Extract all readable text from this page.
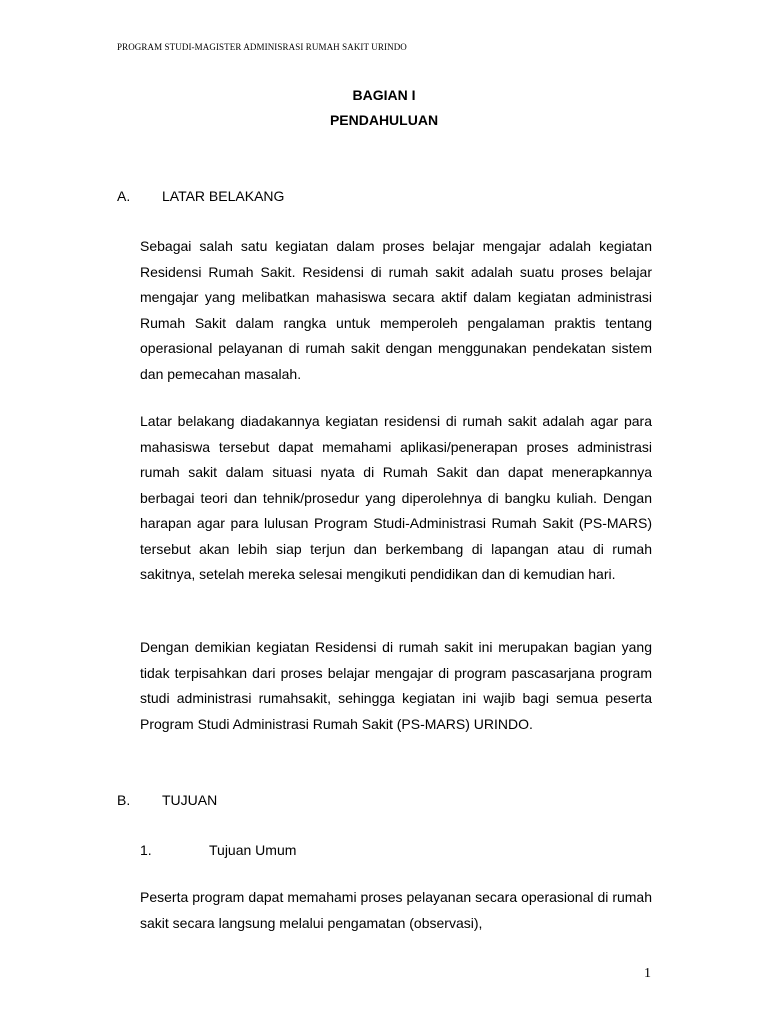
PROGRAM STUDI-MAGISTER ADMINISRASI RUMAH SAKIT URINDO
BAGIAN I
PENDAHULUAN
A. LATAR BELAKANG

Sebagai salah satu kegiatan dalam proses belajar mengajar adalah kegiatan Residensi Rumah Sakit. Residensi di rumah sakit adalah suatu proses belajar mengajar yang melibatkan mahasiswa secara aktif dalam kegiatan administrasi Rumah Sakit dalam rangka untuk memperoleh pengalaman praktis tentang operasional pelayanan di rumah sakit dengan menggunakan pendekatan sistem dan pemecahan masalah.

Latar belakang diadakannya kegiatan residensi di rumah sakit adalah agar para mahasiswa tersebut dapat memahami aplikasi/penerapan proses administrasi rumah sakit dalam situasi nyata di Rumah Sakit dan dapat menerapkannya berbagai teori dan tehnik/prosedur yang diperolehnya di bangku kuliah. Dengan harapan agar para lulusan Program Studi-Administrasi Rumah Sakit (PS-MARS) tersebut akan lebih siap terjun dan berkembang di lapangan atau di rumah sakitnya, setelah mereka selesai mengikuti pendidikan dan di kemudian hari.

Dengan demikian kegiatan Residensi di rumah sakit ini merupakan bagian yang tidak terpisahkan dari proses belajar mengajar di program pascasarjana program studi administrasi rumahsakit, sehingga kegiatan ini wajib bagi semua peserta Program Studi Administrasi Rumah Sakit (PS-MARS) URINDO.

B. TUJUAN
1.	Tujuan Umum

Peserta program dapat memahami proses pelayanan secara operasional di rumah sakit secara langsung melalui pengamatan (observasi),

1
